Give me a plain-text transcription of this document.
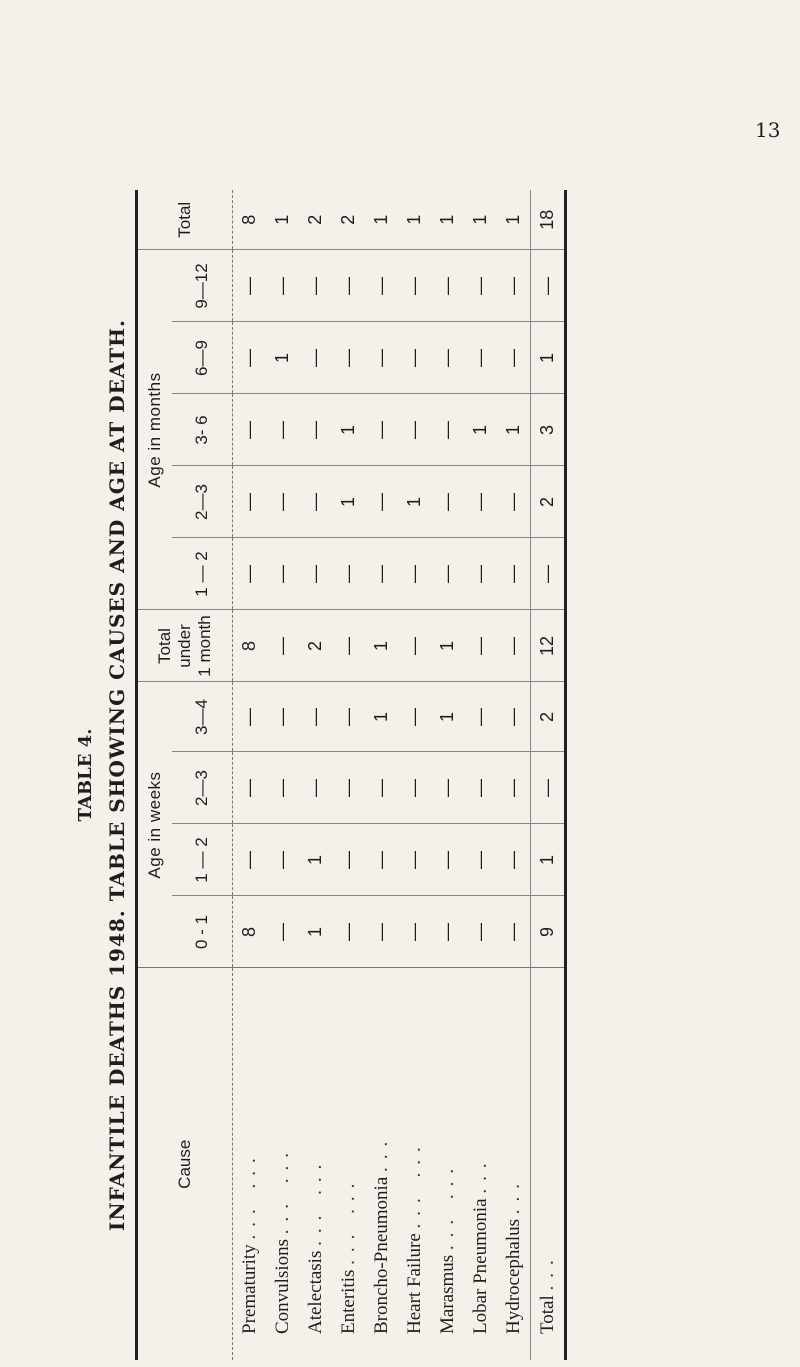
13
TABLE 4. INFANTILE DEATHS 1948. TABLE SHOWING CAUSES AND AGE AT DEATH.	Cause	Age in weeks				Total
under
1 month		Age in months				Total
	0 - 1	1 — 2	2—3	3—4		1 — 2	2—3	3- 6	6—9	9—12	
Prematurity ... ...	8	—	—	—	8	—	—	—	—	—	8
Convulsions ... ...	—	—	—	—	—	—	—	—	1	—	1
Atelectasis ... ...	1	1	—	—	2	—	—	—	—	—	2
Enteritis ... ...	—	—	—	—	—	—	1	1	—	—	2
Broncho-Pneumonia ...	—	—	—	1	1	—	—	—	—	—	1
Heart Failure ... ...	—	—	—	—	—	—	1	—	—	—	1
Marasmus ... ...	—	—	—	1	1	—	—	—	—	—	1
Lobar Pneumonia ...	—	—	—	—	—	—	—	1	—	—	1
Hydrocephalus ...	—	—	—	—	—	—	—	1	—	—	1
Total ...	9	1	—	2	12	—	2	3	1	—	18
